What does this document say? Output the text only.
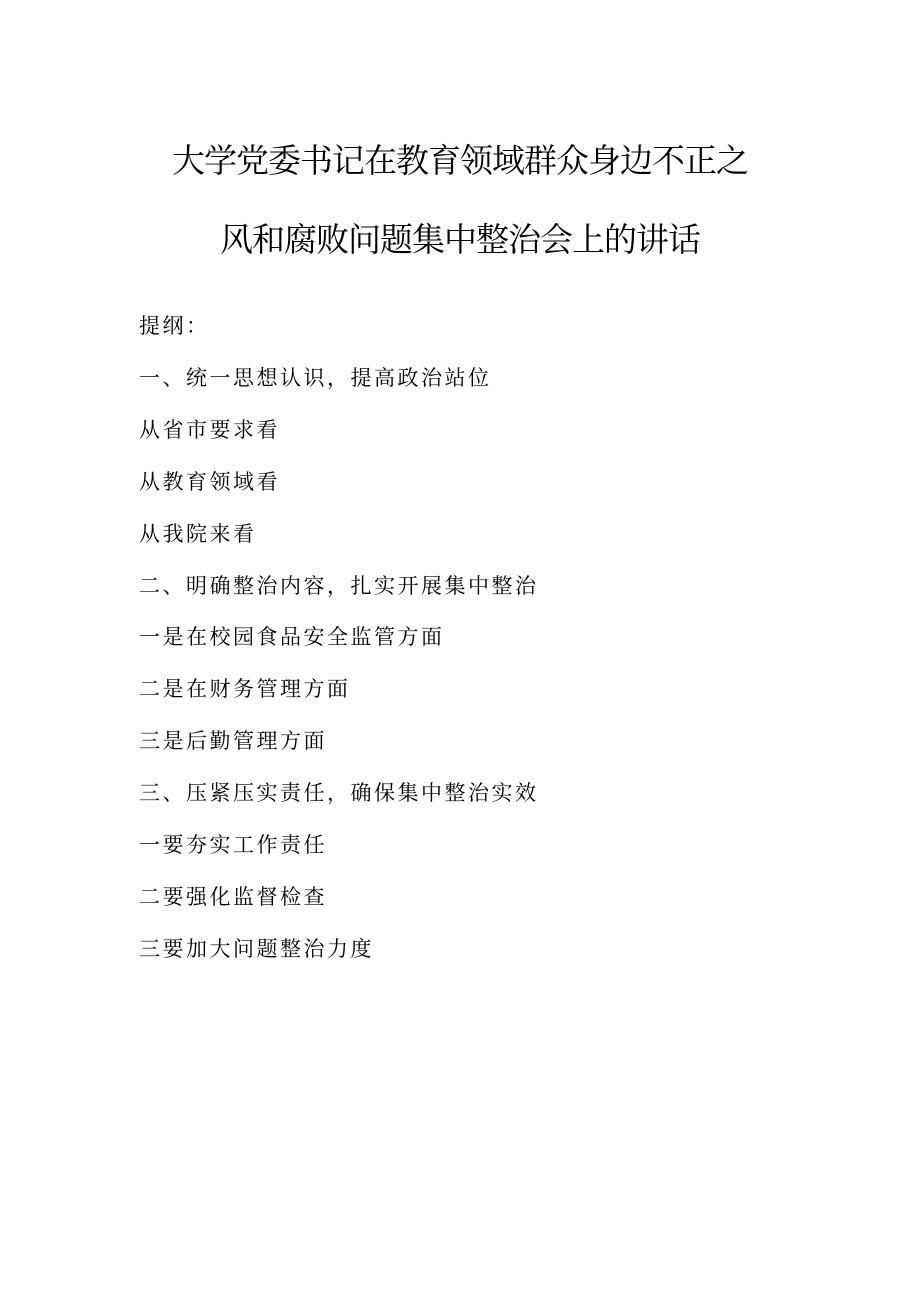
大学党委书记在教育领域群众身边不正之
风和腐败问题集中整治会上的讲话
提纲：
一、统一思想认识，提高政治站位
从省市要求看
从教育领域看
从我院来看
二、明确整治内容，扎实开展集中整治
一是在校园食品安全监管方面
二是在财务管理方面
三是后勤管理方面
三、压紧压实责任，确保集中整治实效
一要夯实工作责任
二要强化监督检查
三要加大问题整治力度
